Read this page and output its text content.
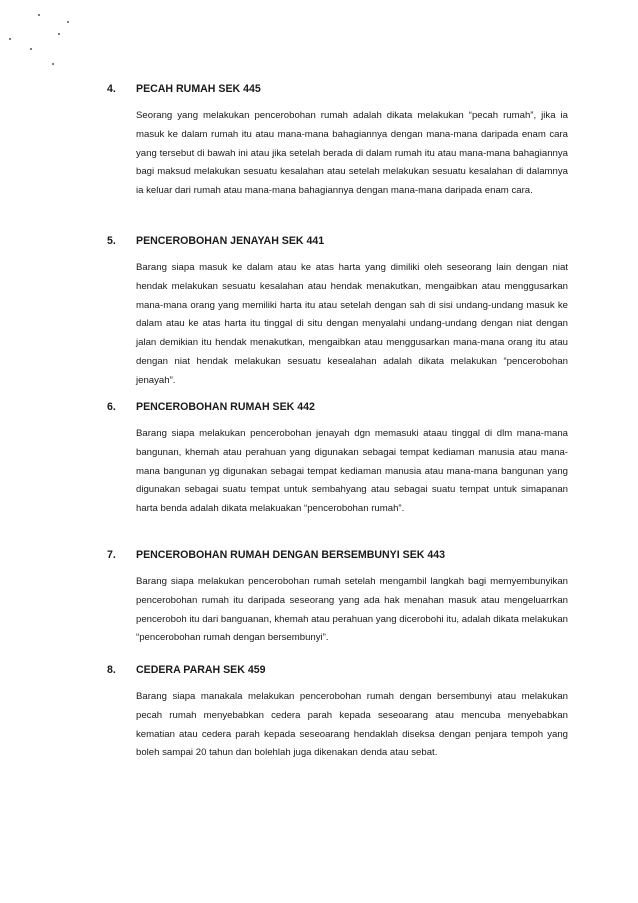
4.	PECAH RUMAH SEK 445

Seorang yang melakukan pencerobohan rumah adalah dikata melakukan “pecah rumah”, jika ia masuk ke dalam rumah itu atau mana-mana bahagiannya dengan mana-mana daripada enam cara yang tersebut di bawah ini atau jika setelah berada di dalam rumah itu atau mana-mana bahagiannya bagi maksud melakukan sesuatu kesalahan atau setelah melakukan sesuatu kesalahan di dalamnya ia keluar dari rumah atau mana-mana bahagiannya dengan mana-mana daripada enam cara.

5.	PENCEROBOHAN JENAYAH SEK 441

Barang siapa masuk ke dalam atau ke atas harta yang dimiliki oleh seseorang lain dengan niat hendak melakukan sesuatu kesalahan atau hendak menakutkan, mengaibkan atau menggusarkan mana-mana orang yang memiliki harta itu atau setelah dengan sah di sisi undang-undang masuk ke dalam atau ke atas harta itu tinggal di situ dengan menyalahi undang-undang dengan niat dengan jalan demikian itu hendak menakutkan, mengaibkan atau menggusarkan mana-mana orang itu atau dengan niat hendak melakukan sesuatu kesealahan adalah dikata melakukan “pencerobohan jenayah”.

6.	PENCEROBOHAN RUMAH SEK 442

Barang siapa melakukan pencerobohan jenayah dgn memasuki ataau tinggal di dlm mana-mana bangunan, khemah atau perahuan yang digunakan sebagai tempat kediaman manusia atau mana-mana bangunan yg digunakan sebagai tempat kediaman manusia atau mana-mana bangunan yang digunakan sebagai suatu tempat untuk sembahyang atau sebagai suatu tempat untuk simapanan harta benda adalah dikata melakuakan “pencerobohan rumah”.

7.	PENCEROBOHAN RUMAH DENGAN BERSEMBUNYI SEK 443

Barang siapa melakukan pencerobohan rumah setelah mengambil langkah bagi memyembunyikan pencerobohan rumah itu daripada seseorang yang ada hak menahan masuk atau mengeluarrkan penceroboh itu dari banguanan, khemah atau perahuan yang dicerobohi itu, adalah dikata melakukan “pencerobohan rumah dengan bersembunyi”.

8.	CEDERA PARAH SEK 459

Barang siapa manakala melakukan pencerobohan rumah dengan bersembunyi atau melakukan pecah rumah menyebabkan cedera parah kepada seseoarang atau mencuba menyebabkan kematian atau cedera parah kepada seseoarang hendaklah diseksa dengan penjara tempoh yang boleh sampai 20 tahun dan bolehlah juga dikenakan denda atau sebat.
